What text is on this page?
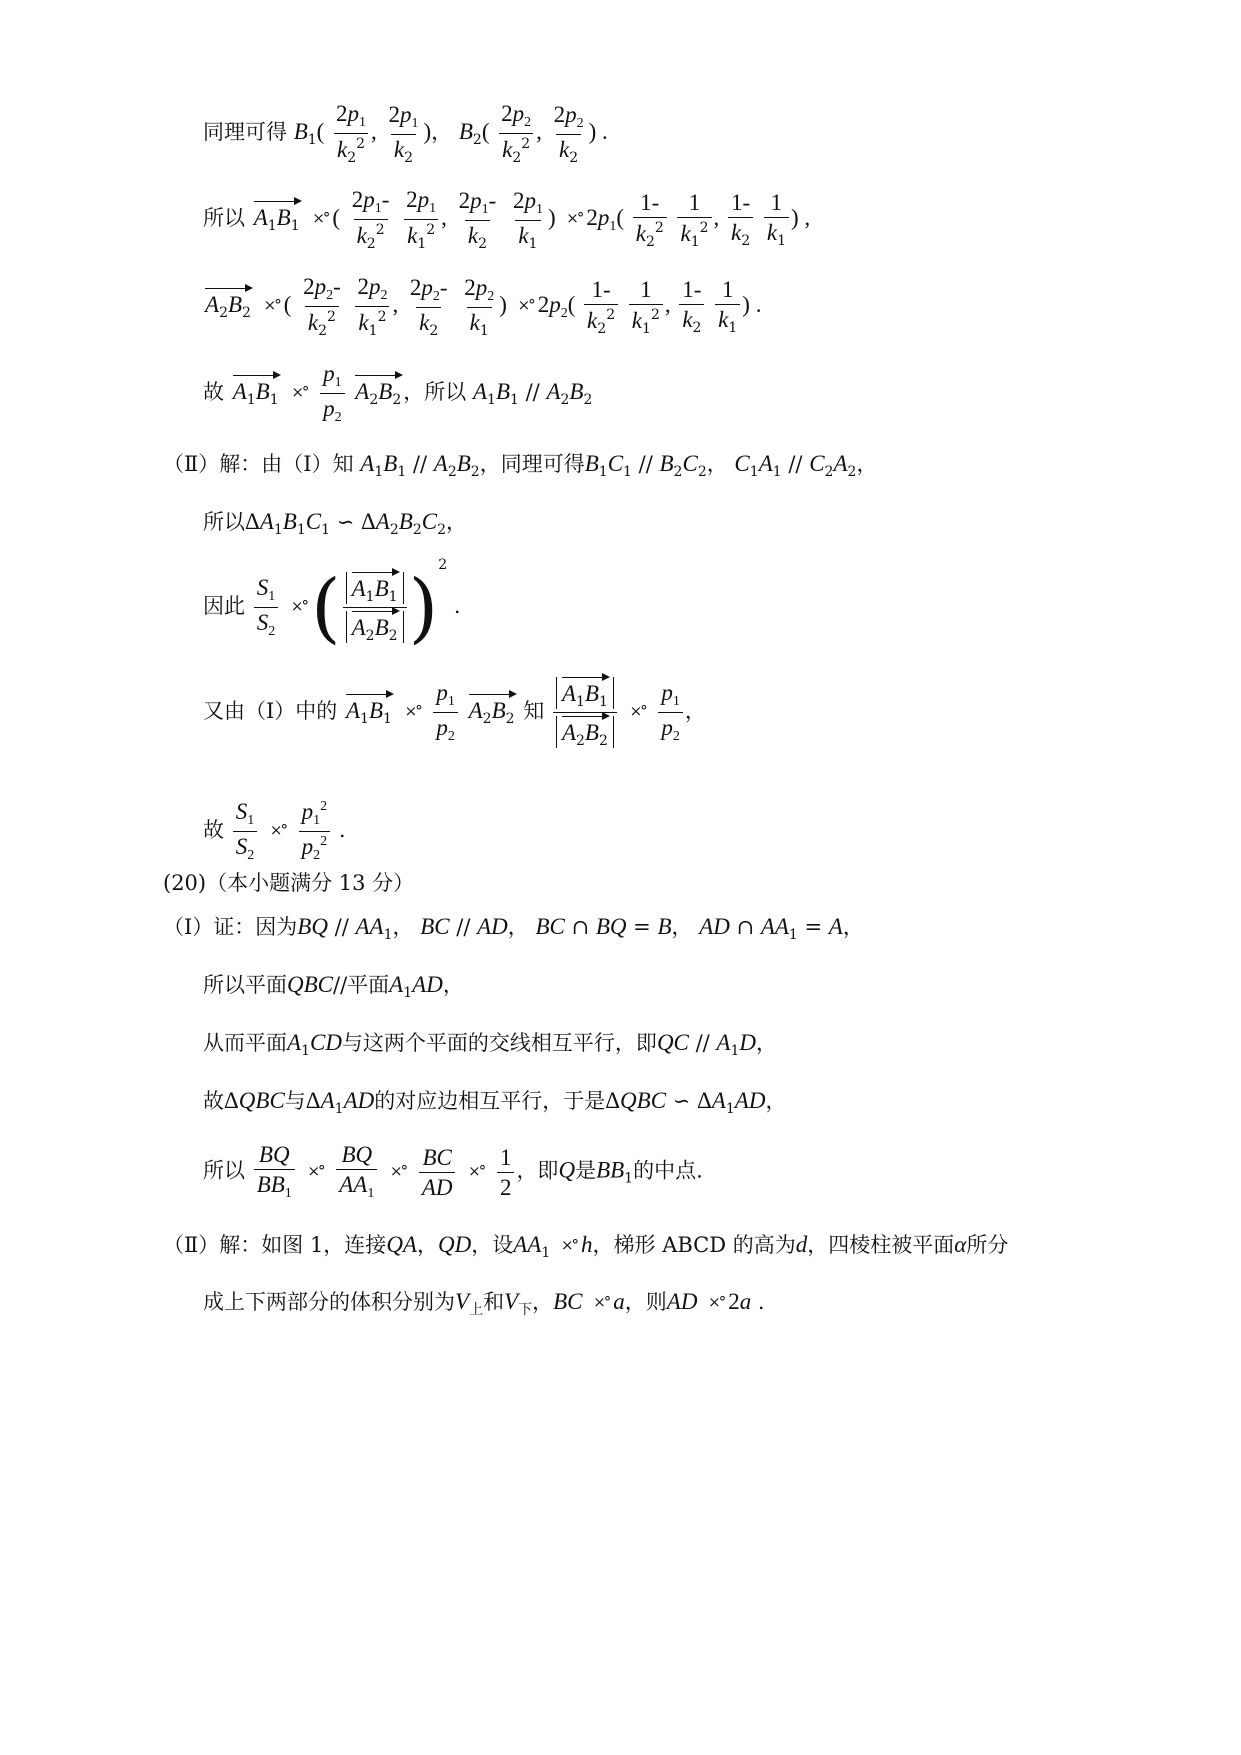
同理可得 $B_1( \frac{2p_1}{k_2^2}$ , $\frac{2p_1}{k_2}$ )， $B_2( \frac{2p_2}{k_2^2}$ , $\frac{2p_2}{k_2}$ ) .
所以 $A_1B_1$ ×° ( $\frac{2p_1-}{k_2^2}$
$\frac{2p_1}{k_1^2}$ , $\frac{2p_1-}{k_2}$
$\frac{2p_1}{k_1}$ ) ×° $2p_1( \frac{1-}{k_2^2}$
$\frac{1}{k_1^2}$ , $\frac{1-}{k_2}$
$\frac{1}{k_1}$ ) ,
$A_2B_2$ ×° ( $\frac{2p_2-}{k_2^2}$
$\frac{2p_2}{k_1^2}$ , $\frac{2p_2-}{k_2}$
$\frac{2p_2}{k_1}$ ) ×° $2p_2( \frac{1-}{k_2^2}$
$\frac{1}{k_1^2}$ , $\frac{1-}{k_2}$
$\frac{1}{k_1}$ ) .
故 $A_1B_1$ ×° $\frac{p_1}{p_2} A_2B_2$，所以 $A_1B_1 // A_2B_2$
（Ⅱ）解：由（Ⅰ）知 $A_1B_1 // A_2B_2$，同理可得$B_1C_1 // B_2C_2$， $C_1A_1 // C_2A_2$，
所以$\Delta A_1B_1C_1$ ∽ $\Delta A_2B_2C_2$，
因此 $\frac{S_1}{S_2}$ ×°( $\frac{A_1B_1}{A_2B_2} )^2$ .
又由（Ⅰ）中的 $A_1B_1$ ×° $\frac{p_1}{p_2} A_2B_2$ 知 $\frac{A_1B_1}{A_2B_2}$ ×° $\frac{p_1}{p_2}$ ，
故 $\frac{S_1}{S_2}$ ×° $\frac{p_1^2}{p_2^2}$ .
(20)（本小题满分 13 分）
（Ⅰ）证：因为BQ // $AA_1$， BC // AD， BC ∩ BQ = B， AD ∩ $AA_1 = A$，
所以平面QBC//平面$A_1AD$，
从而平面$A_1CD$与这两个平面的交线相互平行，即QC // $A_1D$，
故ΔQBC与$\Delta A_1AD$的对应边相互平行，于是ΔQBC ∽ $\Delta A_1AD$，
所以 $\frac{BQ}{BB_1}$ ×° $\frac{BQ}{AA_1}$ ×° $\frac{BC}{AD}$ ×° $\frac{1}{2}$ ，即Q是$BB_1$的中点.
（Ⅱ）解：如图 1，连接QA，QD，设$AA_1$ ×° h，梯形 ABCD 的高为d，四棱柱被平面α所分
成上下两部分的体积分别为$V_上$和$V_下$，BC ×° a，则AD ×° 2a .
